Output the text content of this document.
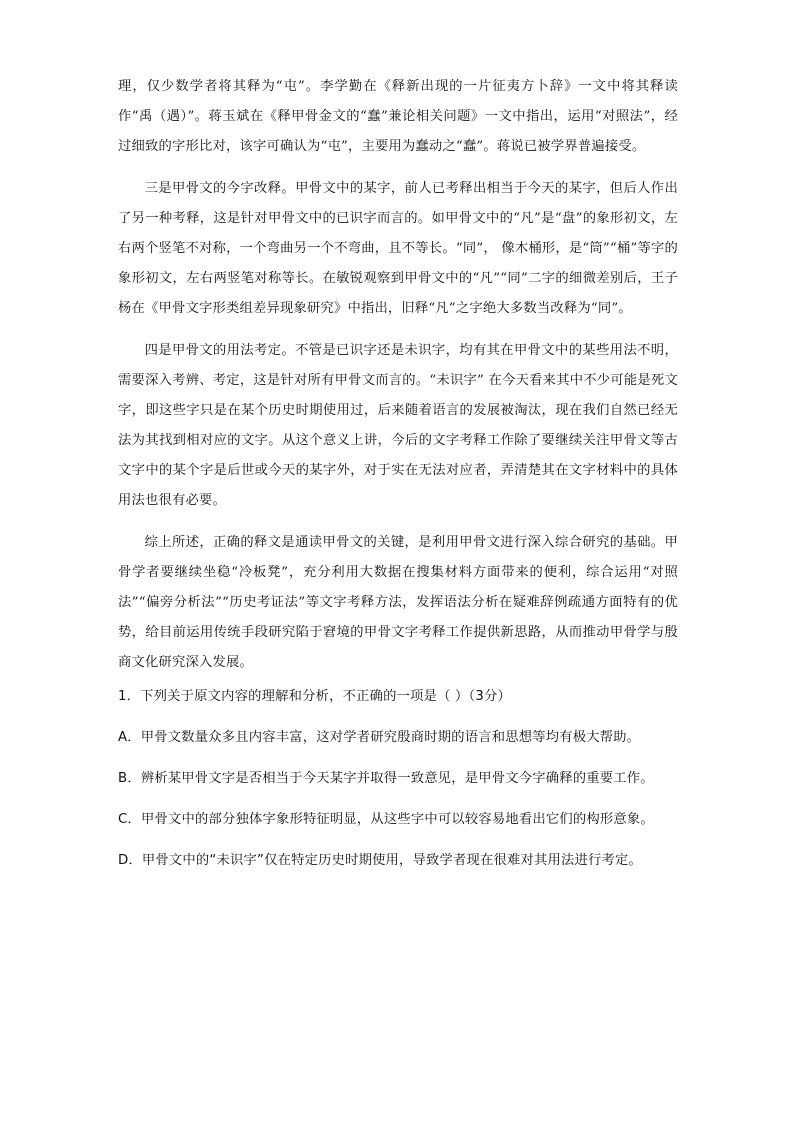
理，仅少数学者将其释为“屯”。李学勤在《释新出现的一片征夷方卜辞》一文中将其释读作“禹（遇）”。蒋玉斌在《释甲骨金文的“蠢”兼论相关问题》一文中指出，运用“对照法”，经过细致的字形比对，该字可确认为“屯”，主要用为蠢动之“蠢”。蒋说已被学界普遍接受。

三是甲骨文的今字改释。甲骨文中的某字，前人已考释出相当于今天的某字，但后人作出了另一种考释，这是针对甲骨文中的已识字而言的。如甲骨文中的“凡”是“盘”的象形初文，左右两个竖笔不对称，一个弯曲另一个不弯曲，且不等长。“同”， 像木桶形，是“筒”“桶”等字的象形初文，左右两竖笔对称等长。在敏锐观察到甲骨文中的“凡”“同”二字的细微差别后，王子杨在《甲骨文字形类组差异现象研究》中指出，旧释“凡”之字绝大多数当改释为“同”。

四是甲骨文的用法考定。不管是已识字还是未识字，均有其在甲骨文中的某些用法不明，需要深入考辨、考定，这是针对所有甲骨文而言的。“未识字” 在今天看来其中不少可能是死文字，即这些字只是在某个历史时期使用过，后来随着语言的发展被淘汰，现在我们自然已经无法为其找到相对应的文字。从这个意义上讲，今后的文字考释工作除了要继续关注甲骨文等古文字中的某个字是后世或今天的某字外，对于实在无法对应者，弄清楚其在文字材料中的具体用法也很有必要。

综上所述，正确的释文是通读甲骨文的关键，是利用甲骨文进行深入综合研究的基础。甲骨学者要继续坐稳“冷板凳”，充分利用大数据在搜集材料方面带来的便利，综合运用“对照法”“偏旁分析法”“历史考证法”等文字考释方法，发挥语法分析在疑难辞例疏通方面特有的优势，给目前运用传统手段研究陷于窘境的甲骨文字考释工作提供新思路，从而推动甲骨学与殷商文化研究深入发展。

1．下列关于原文内容的理解和分析，不正确的一项是（ ）（3分）

A．甲骨文数量众多且内容丰富，这对学者研究殷商时期的语言和思想等均有极大帮助。

B．辨析某甲骨文字是否相当于今天某字并取得一致意见，是甲骨文今字确释的重要工作。

C．甲骨文中的部分独体字象形特征明显，从这些字中可以较容易地看出它们的构形意象。

D．甲骨文中的“未识字”仅在特定历史时期使用，导致学者现在很难对其用法进行考定。
